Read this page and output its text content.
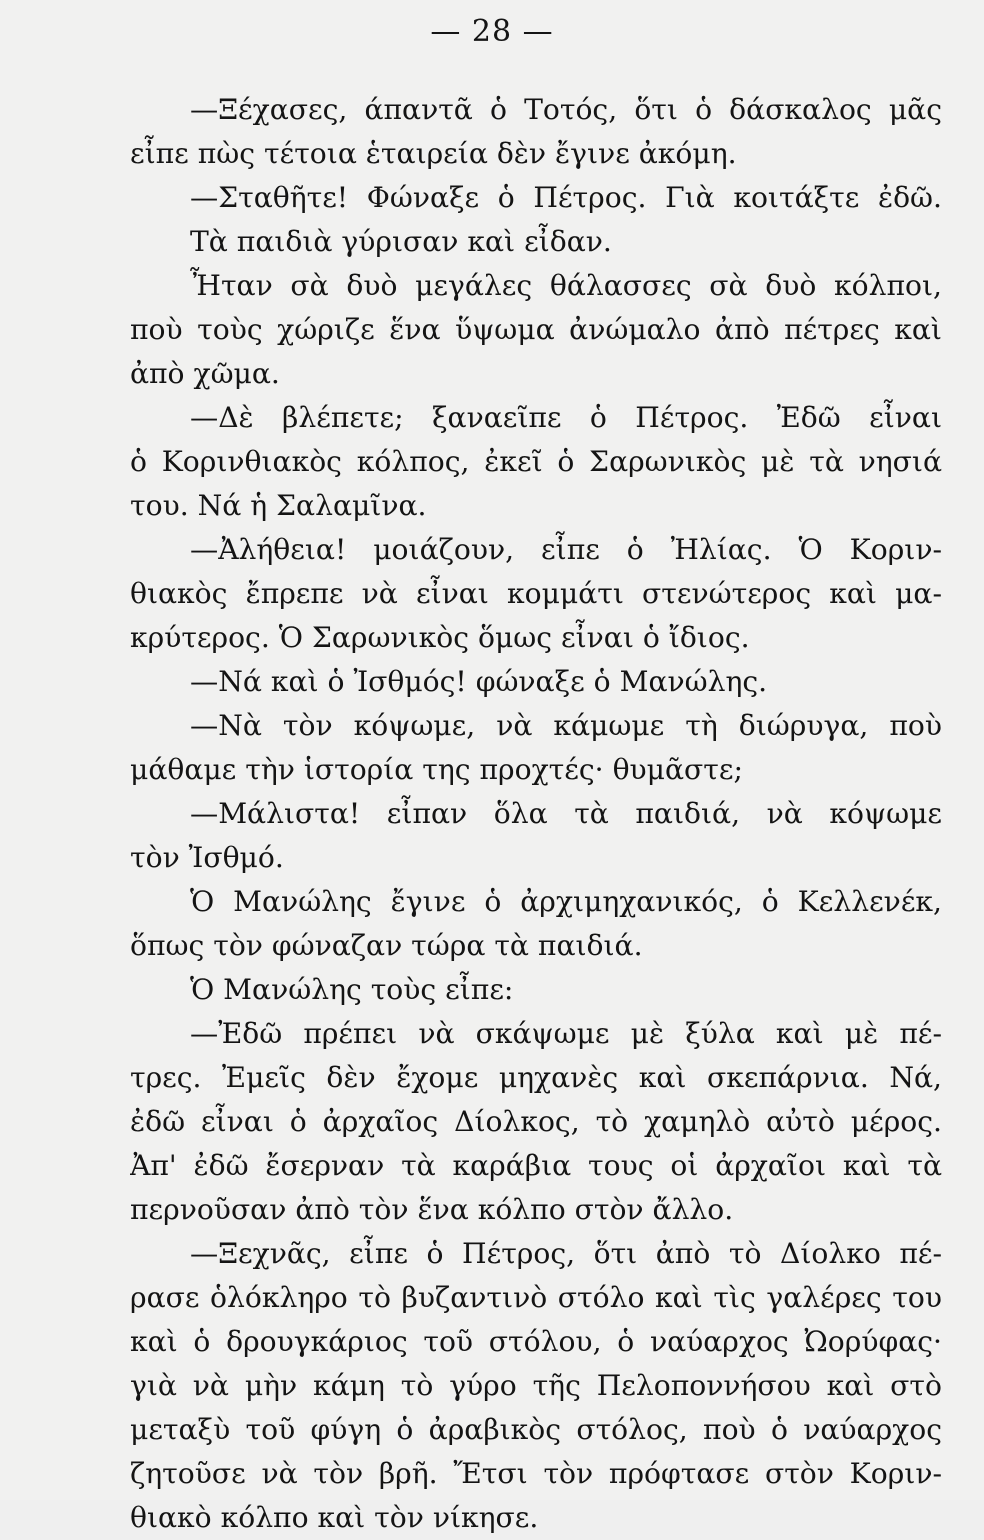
— 28 —
—Ξέχασες, άπαντᾶ ὁ Τοτός, ὅτι ὁ δάσκαλος μᾶς
εἶπε πὼς τέτοια ἑταιρεία δὲν ἔγινε ἀκόμη.
—Σταθῆτε! Φώναξε ὁ Πέτρος. Γιὰ κοιτάξτε ἐδῶ.
Τὰ παιδιὰ γύρισαν καὶ εἶδαν.
Ἦταν σὰ δυὸ μεγάλες θάλασσες σὰ δυὸ κόλποι,
ποὺ τοὺς χώριζε ἕνα ὕψωμα ἀνώμαλο ἀπὸ πέτρες καὶ
ἀπὸ χῶμα.
—Δὲ βλέπετε; ξαναεῖπε ὁ Πέτρος. Ἐδῶ εἶναι
ὁ Κορινθιακὸς κόλπος, ἐκεῖ ὁ Σαρωνικὸς μὲ τὰ νησιά
του. Νά ἡ Σαλαμῖνα.
—Ἀλήθεια! μοιάζουν, εἶπε ὁ Ἠλίας. Ὁ Κοριν-
θιακὸς ἔπρεπε νὰ εἶναι κομμάτι στενώτερος καὶ μα-
κρύτερος. Ὁ Σαρωνικὸς ὅμως εἶναι ὁ ἴδιος.
—Νά καὶ ὁ Ἰσθμός! φώναξε ὁ Μανώλης.
—Νὰ τὸν κόψωμε, νὰ κάμωμε τὴ διώρυγα, ποὺ
μάθαμε τὴν ἱστορία της προχτές· θυμᾶστε;
—Μάλιστα! εἶπαν ὅλα τὰ παιδιά, νὰ κόψωμε
τὸν Ἰσθμό.
Ὁ Μανώλης ἔγινε ὁ ἀρχιμηχανικός, ὁ Κελλενέκ,
ὅπως τὸν φώναζαν τώρα τὰ παιδιά.
Ὁ Μανώλης τοὺς εἶπε:
—Ἐδῶ πρέπει νὰ σκάψωμε μὲ ξύλα καὶ μὲ πέ-
τρες. Ἐμεῖς δὲν ἔχομε μηχανὲς καὶ σκεπάρνια. Νά,
ἐδῶ εἶναι ὁ ἀρχαῖος Δίολκος, τὸ χαμηλὸ αὐτὸ μέρος.
Ἀπ' ἐδῶ ἔσερναν τὰ καράβια τους οἱ ἀρχαῖοι καὶ τὰ
περνοῦσαν ἀπὸ τὸν ἕνα κόλπο στὸν ἄλλο.
—Ξεχνᾶς, εἶπε ὁ Πέτρος, ὅτι ἀπὸ τὸ Δίολκο πέ-
ρασε ὁλόκληρο τὸ βυζαντινὸ στόλο καὶ τὶς γαλέρες του
καὶ ὁ δρουγκάριος τοῦ στόλου, ὁ ναύαρχος Ὠορύφας·
γιὰ νὰ μὴν κάμη τὸ γύρο τῆς Πελοποννήσου καὶ στὸ
μεταξὺ τοῦ φύγη ὁ ἀραβικὸς στόλος, ποὺ ὁ ναύαρχος
ζητοῦσε νὰ τὸν βρῆ. Ἔτσι τὸν πρόφτασε στὸν Κοριν-
θιακὸ κόλπο καὶ τὸν νίκησε.
